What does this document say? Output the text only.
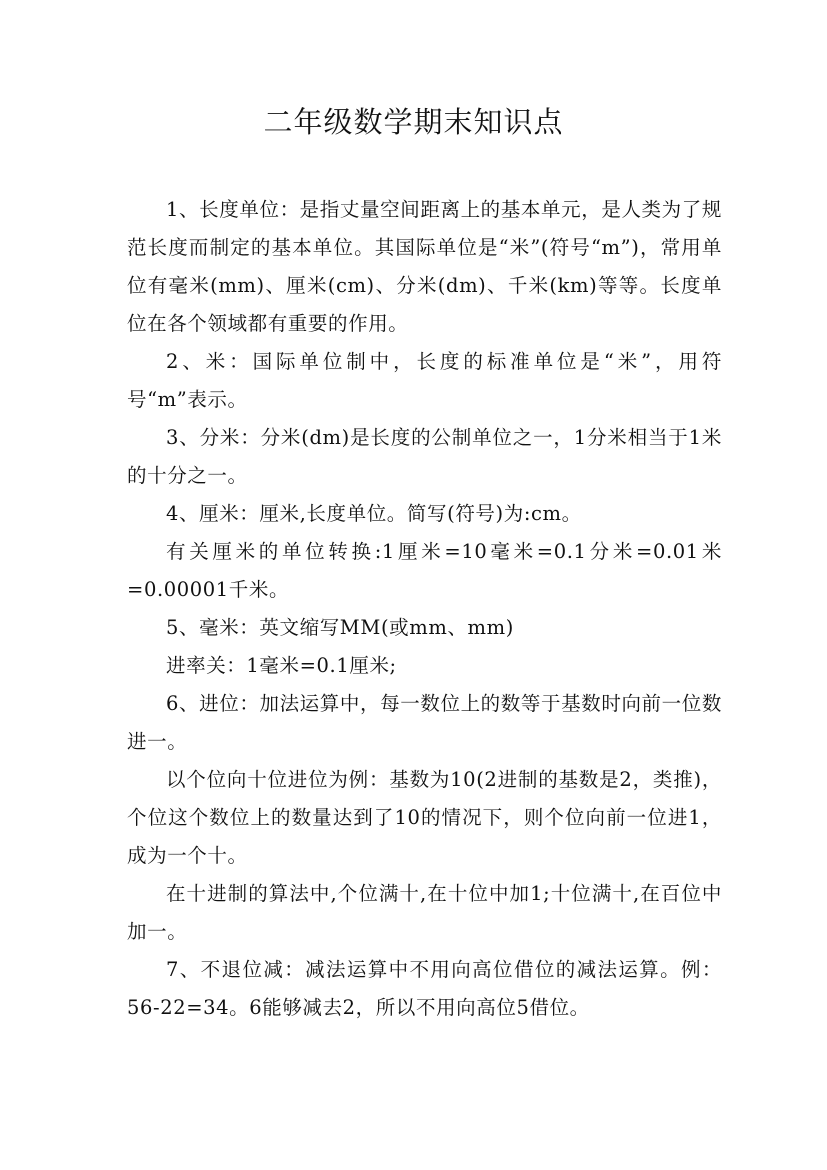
二年级数学期末知识点

1、长度单位：是指丈量空间距离上的基本单元，是人类为了规范长度而制定的基本单位。其国际单位是“米”(符号“m”)，常用单位有毫米(mm)、厘米(cm)、分米(dm)、千米(km)等等。长度单位在各个领域都有重要的作用。

2、米：国际单位制中，长度的标准单位是“米”，用符号“m”表示。

3、分米：分米(dm)是长度的公制单位之一，1分米相当于1米的十分之一。

4、厘米：厘米,长度单位。简写(符号)为:cm。

有关厘米的单位转换:1厘米=10毫米=0.1分米=0.01米=0.00001千米。

5、毫米：英文缩写MM(或mm、mm)

进率关：1毫米=0.1厘米;

6、进位：加法运算中，每一数位上的数等于基数时向前一位数进一。

以个位向十位进位为例：基数为10(2进制的基数是2，类推)，个位这个数位上的数量达到了10的情况下，则个位向前一位进1，成为一个十。

在十进制的算法中,个位满十,在十位中加1;十位满十,在百位中加一。

7、不退位减：减法运算中不用向高位借位的减法运算。例：56-22=34。6能够减去2，所以不用向高位5借位。
